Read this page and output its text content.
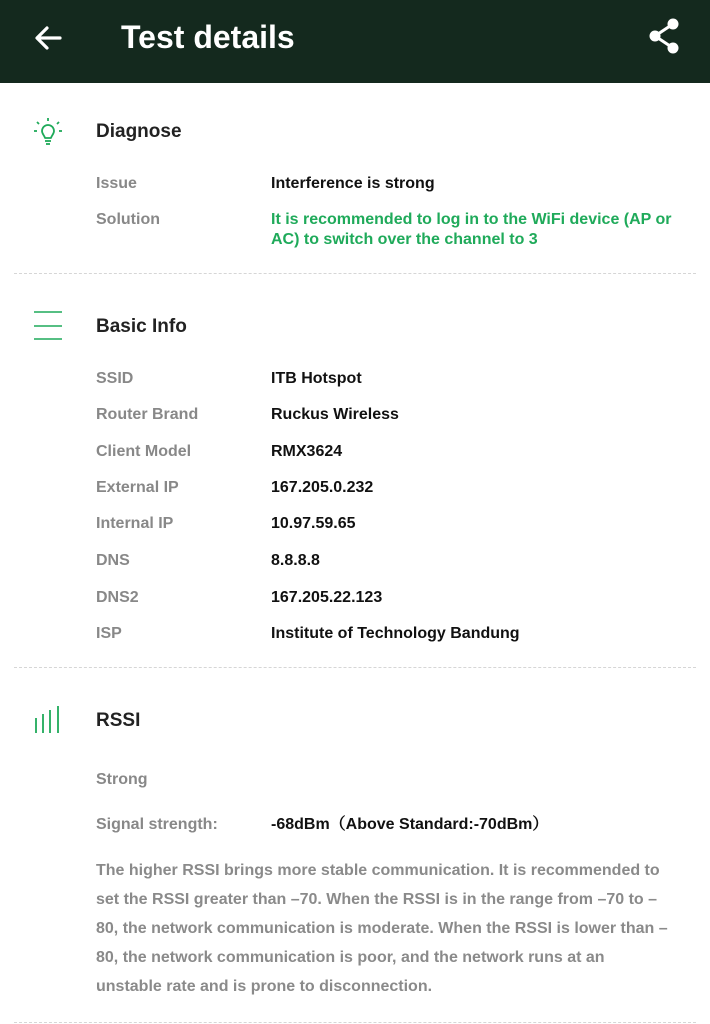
Test details
Diagnose
Issue	Interference is strong
Solution	It is recommended to log in to the WiFi device (AP or AC) to switch over the channel to 3
Basic Info
SSID	ITB Hotspot
Router Brand	Ruckus Wireless
Client Model	RMX3624
External IP	167.205.0.232
Internal IP	10.97.59.65
DNS	8.8.8.8
DNS2	167.205.22.123
ISP	Institute of Technology Bandung
RSSI
Strong
Signal strength:	-68dBm（Above Standard:-70dBm）
The higher RSSI brings more stable communication. It is recommended to set the RSSI greater than –70. When the RSSI is in the range from –70 to –80, the network communication is moderate. When the RSSI is lower than –80, the network communication is poor, and the network runs at an unstable rate and is prone to disconnection.
